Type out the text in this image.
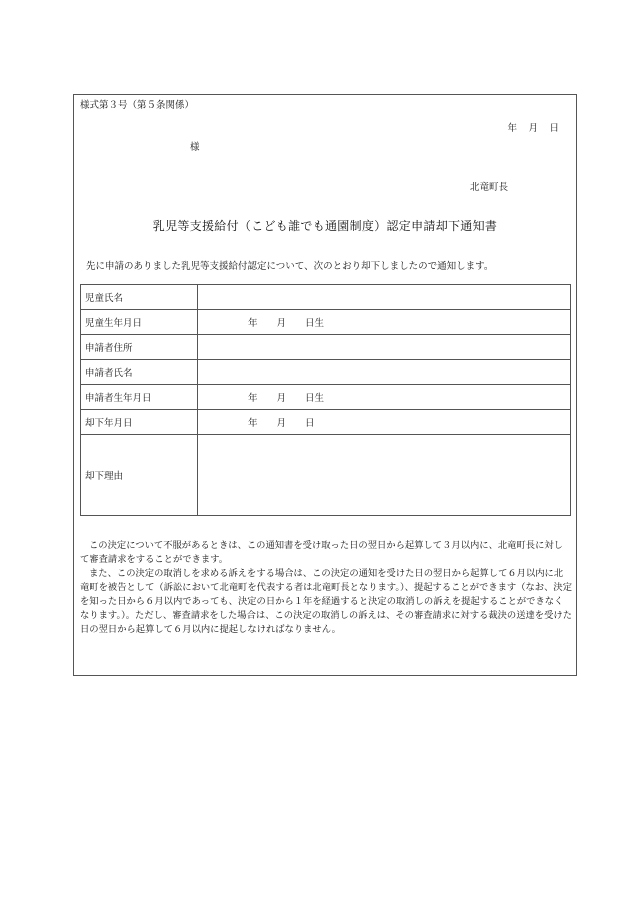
様式第３号（第５条関係）
年　月　日
様
北竜町長
乳児等支援給付（こども誰でも通園制度）認定申請却下通知書
先に申請のありました乳児等支援給付認定について、次のとおり却下しましたので通知します。
児童氏名	
児童生年月日	年　　月　　日生
申請者住所	
申請者氏名	
申請者生年月日	年　　月　　日生
却下年月日	年　　月　　日
却下理由	
この決定について不服があるときは、この通知書を受け取った日の翌日から起算して３月以内に、北竜町長に対して審査請求をすることができます。
また、この決定の取消しを求める訴えをする場合は、この決定の通知を受けた日の翌日から起算して６月以内に北竜町を被告として（訴訟において北竜町を代表する者は北竜町長となります。）、提起することができます（なお、決定を知った日から６月以内であっても、決定の日から１年を経過すると決定の取消しの訴えを提起することができなくなります。）。ただし、審査請求をした場合は、この決定の取消しの訴えは、その審査請求に対する裁決の送達を受けた日の翌日から起算して６月以内に提起しなければなりません。
